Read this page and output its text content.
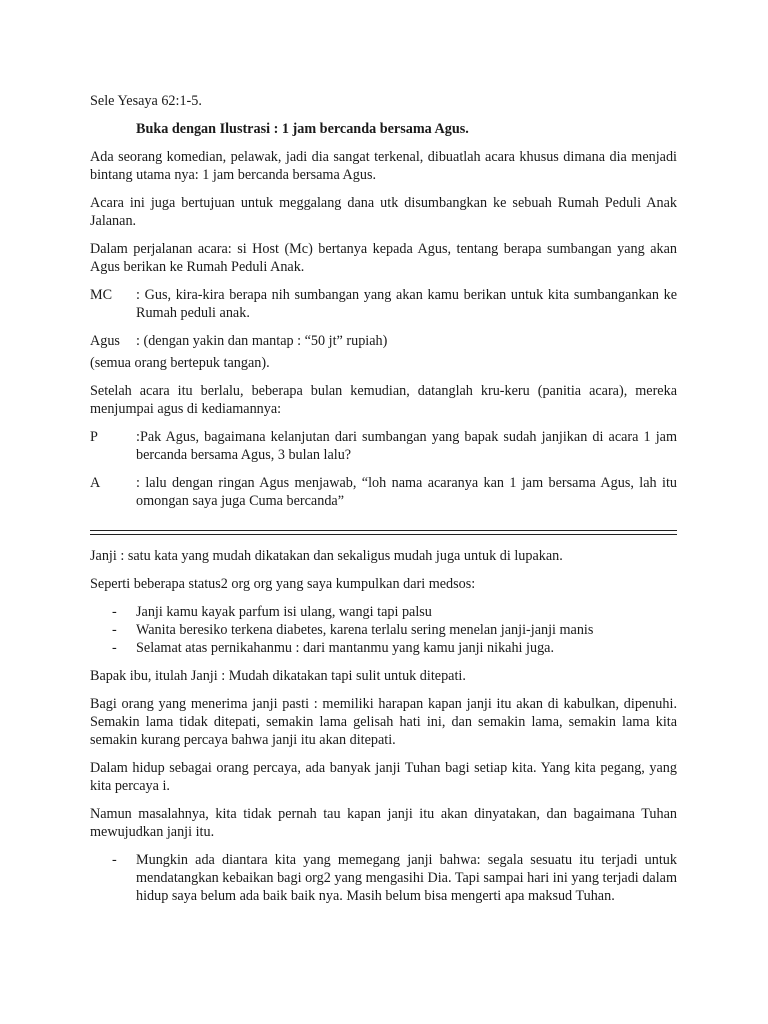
Sele Yesaya 62:1-5.

Buka dengan Ilustrasi : 1 jam bercanda bersama Agus.

Ada seorang komedian, pelawak, jadi dia sangat terkenal, dibuatlah acara khusus dimana dia menjadi bintang utama nya: 1 jam bercanda bersama Agus.

Acara ini juga bertujuan untuk meggalang dana utk disumbangkan ke sebuah Rumah Peduli Anak Jalanan.

Dalam perjalanan acara: si Host (Mc) bertanya kepada Agus, tentang berapa sumbangan yang akan Agus berikan ke Rumah Peduli Anak.

MC	: Gus, kira-kira berapa nih sumbangan yang akan kamu berikan untuk kita sumbangankan ke Rumah peduli anak.
Agus	: (dengan yakin dan mantap : “50 jt” rupiah)

(semua orang bertepuk tangan).

Setelah acara itu berlalu, beberapa bulan kemudian, datanglah kru-keru (panitia acara), mereka menjumpai agus di kediamannya:

P	:Pak Agus, bagaimana kelanjutan dari sumbangan yang bapak sudah janjikan di acara 1 jam bercanda bersama Agus, 3 bulan lalu?
A	: lalu dengan ringan Agus menjawab, “loh nama acaranya kan 1 jam bersama Agus, lah itu omongan saya juga Cuma bercanda”

Janji : satu kata yang mudah dikatakan dan sekaligus mudah juga untuk di lupakan.

Seperti beberapa status2 org org yang saya kumpulkan dari medsos:

-	Janji kamu kayak parfum isi ulang, wangi tapi palsu
-	Wanita beresiko terkena diabetes, karena terlalu sering menelan janji-janji manis
-	Selamat atas pernikahanmu : dari mantanmu yang kamu janji nikahi juga.

Bapak ibu, itulah Janji : Mudah dikatakan tapi sulit untuk ditepati.

Bagi orang yang menerima janji pasti : memiliki harapan kapan janji itu akan di kabulkan, dipenuhi. Semakin lama tidak ditepati, semakin lama gelisah hati ini, dan semakin lama, semakin lama kita semakin kurang percaya bahwa janji itu akan ditepati.

Dalam hidup sebagai orang percaya, ada banyak janji Tuhan bagi setiap kita. Yang kita pegang, yang kita percaya i.

Namun masalahnya, kita tidak pernah tau kapan janji itu akan dinyatakan, dan bagaimana Tuhan mewujudkan janji itu.

-	Mungkin ada diantara kita yang memegang janji bahwa: segala sesuatu itu terjadi untuk mendatangkan kebaikan bagi org2 yang mengasihi Dia. Tapi sampai hari ini yang terjadi dalam hidup saya belum ada baik baik nya. Masih belum bisa mengerti apa maksud Tuhan.
